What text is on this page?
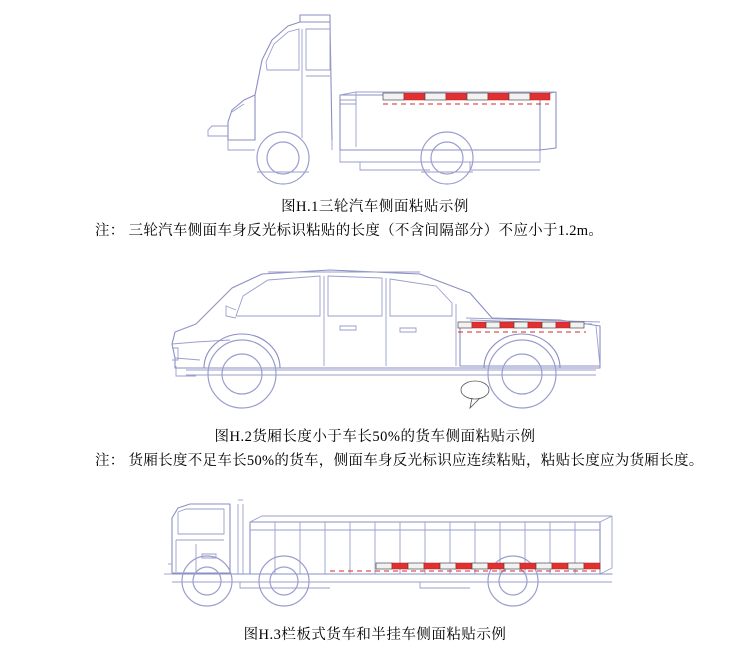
图H.1三轮汽车侧面粘贴示例

注： 三轮汽车侧面车身反光标识粘贴的长度（不含间隔部分）不应小于1.2m。

图H.2货厢长度小于车长50%的货车侧面粘贴示例

注： 货厢长度不足车长50%的货车，侧面车身反光标识应连续粘贴，粘贴长度应为货厢长度。

图H.3栏板式货车和半挂车侧面粘贴示例
